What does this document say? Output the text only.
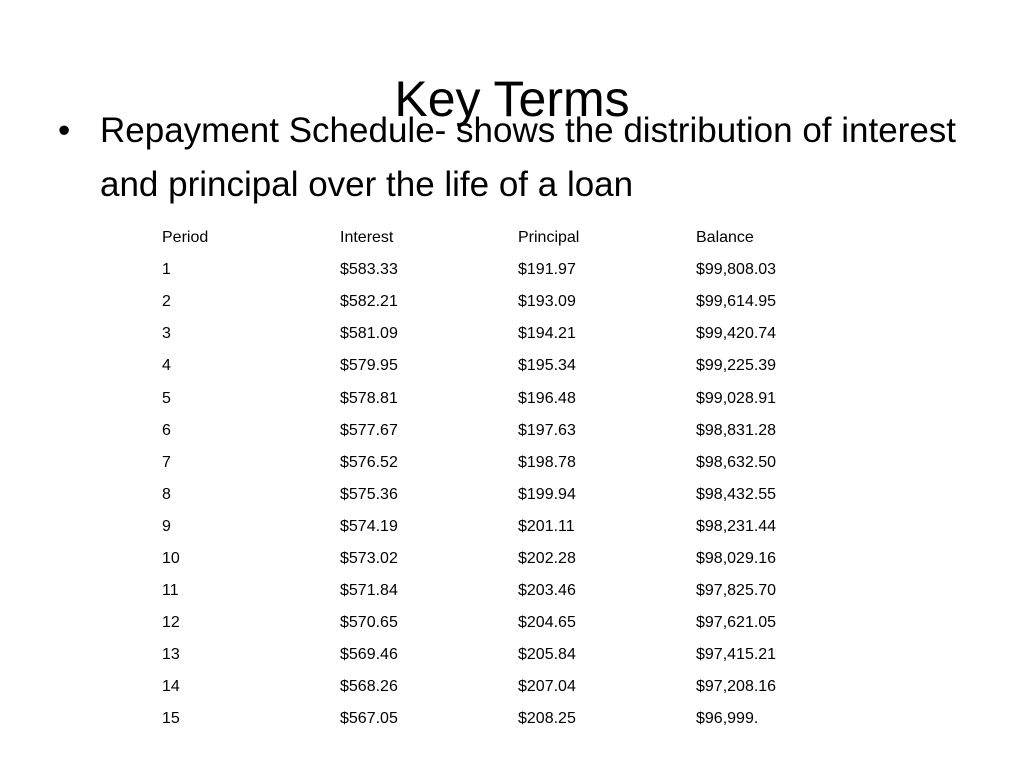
Key Terms
• Repayment Schedule- shows the distribution of interest and principal over the life of a loan
Period	Interest	Principal	Balance
1	$583.33	$191.97	$99,808.03
2	$582.21	$193.09	$99,614.95
3	$581.09	$194.21	$99,420.74
4	$579.95	$195.34	$99,225.39
5	$578.81	$196.48	$99,028.91
6	$577.67	$197.63	$98,831.28
7	$576.52	$198.78	$98,632.50
8	$575.36	$199.94	$98,432.55
9	$574.19	$201.11	$98,231.44
10	$573.02	$202.28	$98,029.16
11	$571.84	$203.46	$97,825.70
12	$570.65	$204.65	$97,621.05
13	$569.46	$205.84	$97,415.21
14	$568.26	$207.04	$97,208.16
15	$567.05	$208.25	$96,999.
